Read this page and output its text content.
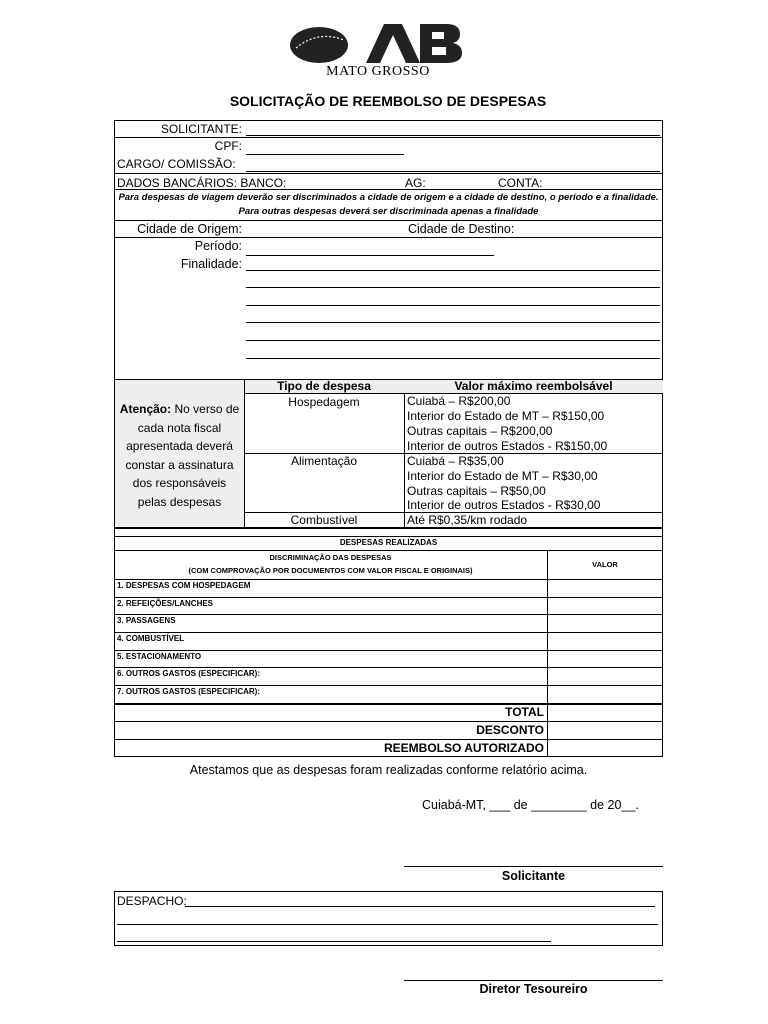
MATO GROSSO
SOLICITAÇÃO DE REEMBOLSO DE DESPESAS
SOLICITANTE:
CPF:
CARGO/ COMISSÃO:
DADOS BANCÁRIOS: BANCO:	AG:	CONTA:
Para despesas de viagem deverão ser discriminados a cidade de origem e a cidade de destino, o período e a finalidade. Para outras despesas deverá ser discriminada apenas a finalidade
Cidade de Origem:	Cidade de Destino:
Período:
Finalidade:
Atenção: No verso de cada nota fiscal apresentada deverá constar a assinatura dos responsáveis pelas despesas
Tipo de despesa	Valor máximo reembolsável
Hospedagem	Cuiabá – R$200,00
Interior do Estado de MT – R$150,00
Outras capitais – R$200,00
Interior de outros Estados - R$150,00
Alimentação	Cuiabá – R$35,00
Interior do Estado de MT – R$30,00
Outras capitais – R$50,00
Interior de outros Estados - R$30,00
Combustível	Até R$0,35/km rodado
DESPESAS REALIZADAS
DISCRIMINAÇÃO DAS DESPESAS
(COM COMPROVAÇÃO POR DOCUMENTOS COM VALOR FISCAL E ORIGINAIS)
VALOR
1. DESPESAS COM HOSPEDAGEM
2. REFEIÇÕES/LANCHES
3. PASSAGENS
4. COMBUSTÍVEL
5. ESTACIONAMENTO
6. OUTROS GASTOS (ESPECIFICAR):
7. OUTROS GASTOS (ESPECIFICAR):
TOTAL
DESCONTO
REEMBOLSO AUTORIZADO
Atestamos que as despesas foram realizadas conforme relatório acima.
Cuiabá-MT, ___ de ________ de 20__.
Solicitante
DESPACHO:
Diretor Tesoureiro
